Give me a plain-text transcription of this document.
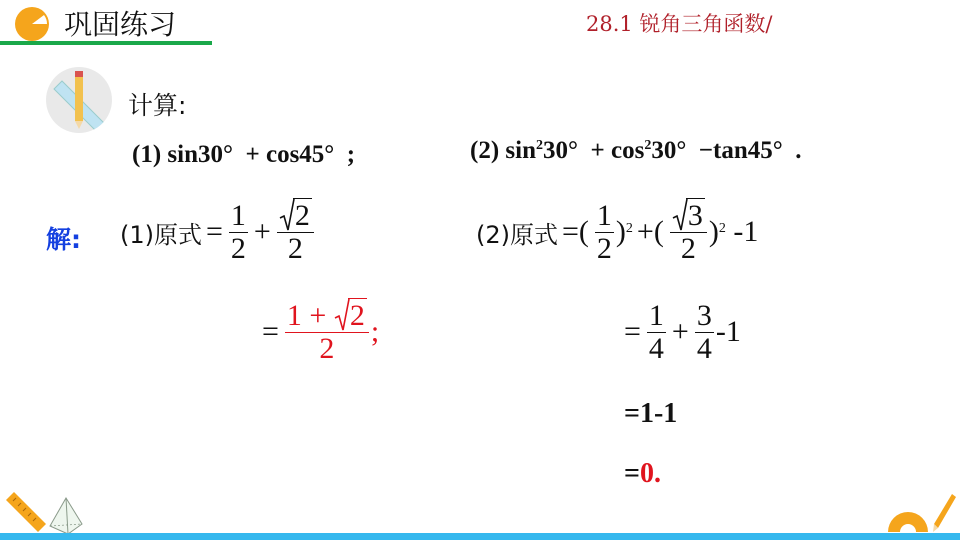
巩固练习	28.1 锐角三角函数/
计算:
(1) sin30°  + cos45°  ;	(2) $\sin^230^\circ + \cos^230^\circ -\tan 45^\circ$  .
解: (1)原式 = $\frac{1}{2} + \frac{2}{2}$
= 1 +
2
2 ;
(2)原式 =( $\frac{1}{2} )^2$ +( $\frac{3}{2} )^2$ -1
= $\frac{1}{4} + \frac{3}{4} -1$
=1-1
=0.
